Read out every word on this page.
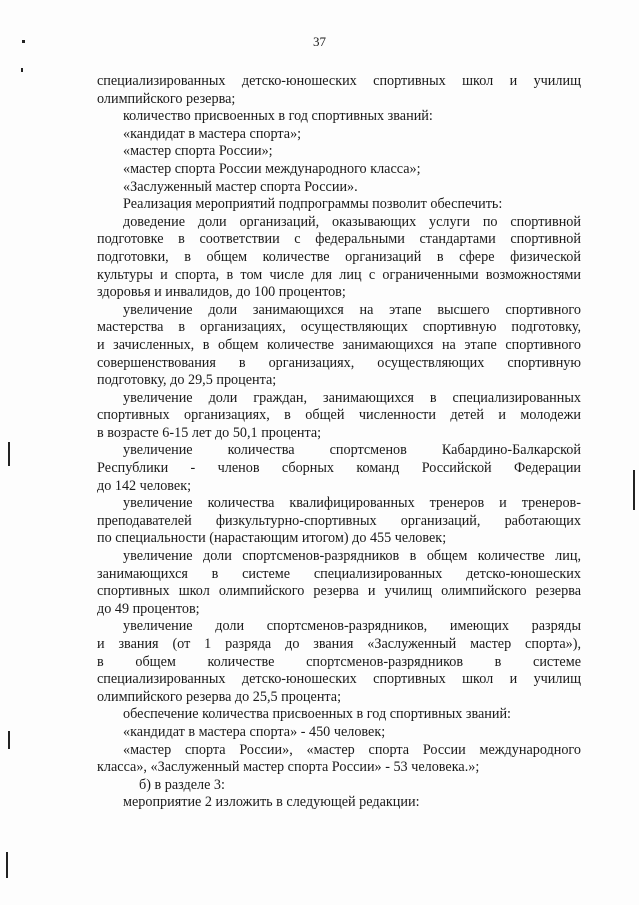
37
специализированных детско-юношеских спортивных школ и училищ
олимпийского резерва;
количество присвоенных в год спортивных званий:
«кандидат в мастера спорта»;
«мастер спорта России»;
«мастер спорта России международного класса»;
«Заслуженный мастер спорта России».
Реализация мероприятий подпрограммы позволит обеспечить:
доведение доли организаций, оказывающих услуги по спортивной
подготовке в соответствии с федеральными стандартами спортивной
подготовки, в общем количестве организаций в сфере физической
культуры и спорта, в том числе для лиц с ограниченными возможностями
здоровья и инвалидов, до 100 процентов;
увеличение доли занимающихся на этапе высшего спортивного
мастерства в организациях, осуществляющих спортивную подготовку,
и зачисленных, в общем количестве занимающихся на этапе спортивного
совершенствования в организациях, осуществляющих спортивную
подготовку, до 29,5 процента;
увеличение доли граждан, занимающихся в специализированных
спортивных организациях, в общей численности детей и молодежи
в возрасте 6-15 лет до 50,1 процента;
увеличение количества спортсменов Кабардино-Балкарской
Республики - членов сборных команд Российской Федерации
до 142 человек;
увеличение количества квалифицированных тренеров и тренеров-
преподавателей физкультурно-спортивных организаций, работающих
по специальности (нарастающим итогом) до 455 человек;
увеличение доли спортсменов-разрядников в общем количестве лиц,
занимающихся в системе специализированных детско-юношеских
спортивных школ олимпийского резерва и училищ олимпийского резерва
до 49 процентов;
увеличение доли спортсменов-разрядников, имеющих разряды
и звания (от 1 разряда до звания «Заслуженный мастер спорта»),
в общем количестве спортсменов-разрядников в системе
специализированных детско-юношеских спортивных школ и училищ
олимпийского резерва до 25,5 процента;
обеспечение количества присвоенных в год спортивных званий:
«кандидат в мастера спорта» - 450 человек;
«мастер спорта России», «мастер спорта России международного
класса», «Заслуженный мастер спорта России» - 53 человека.»;
б) в разделе 3:
мероприятие 2 изложить в следующей редакции:
